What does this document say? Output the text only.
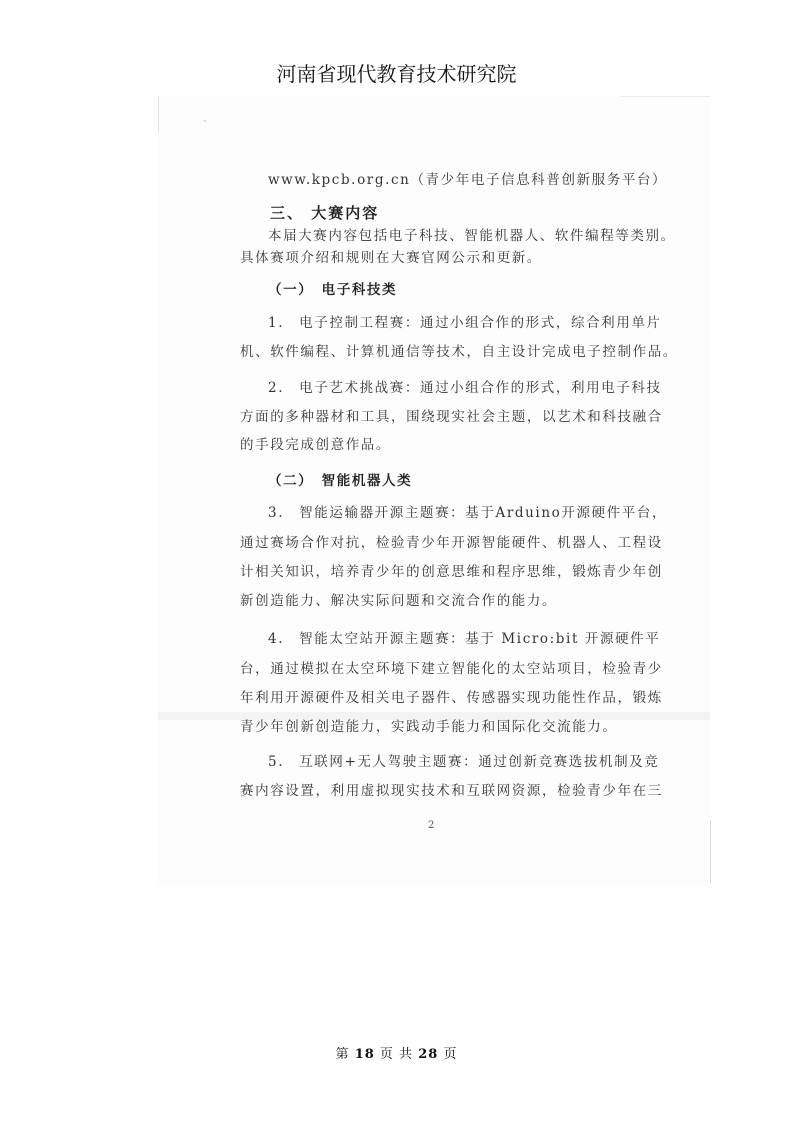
河南省现代教育技术研究院
www.kpcb.org.cn（青少年电子信息科普创新服务平台）
三、 大赛内容
本届大赛内容包括电子科技、智能机器人、软件编程等类别。
具体赛项介绍和规则在大赛官网公示和更新。
（一）　电子科技类
1.　电子控制工程赛：通过小组合作的形式，综合利用单片
机、软件编程、计算机通信等技术，自主设计完成电子控制作品。
2.　电子艺术挑战赛：通过小组合作的形式，利用电子科技
方面的多种器材和工具，围绕现实社会主题，以艺术和科技融合
的手段完成创意作品。
（二）　智能机器人类
3.　智能运输器开源主题赛：基于Arduino开源硬件平台，
通过赛场合作对抗，检验青少年开源智能硬件、机器人、工程设
计相关知识，培养青少年的创意思维和程序思维，锻炼青少年创
新创造能力、解决实际问题和交流合作的能力。
4.　智能太空站开源主题赛：基于 Micro:bit 开源硬件平
台，通过模拟在太空环境下建立智能化的太空站项目，检验青少
年利用开源硬件及相关电子器件、传感器实现功能性作品，锻炼
青少年创新创造能力，实践动手能力和国际化交流能力。
5.　互联网+无人驾驶主题赛：通过创新竞赛选拔机制及竞
赛内容设置，利用虚拟现实技术和互联网资源，检验青少年在三
2
第 18 页 共 28 页
